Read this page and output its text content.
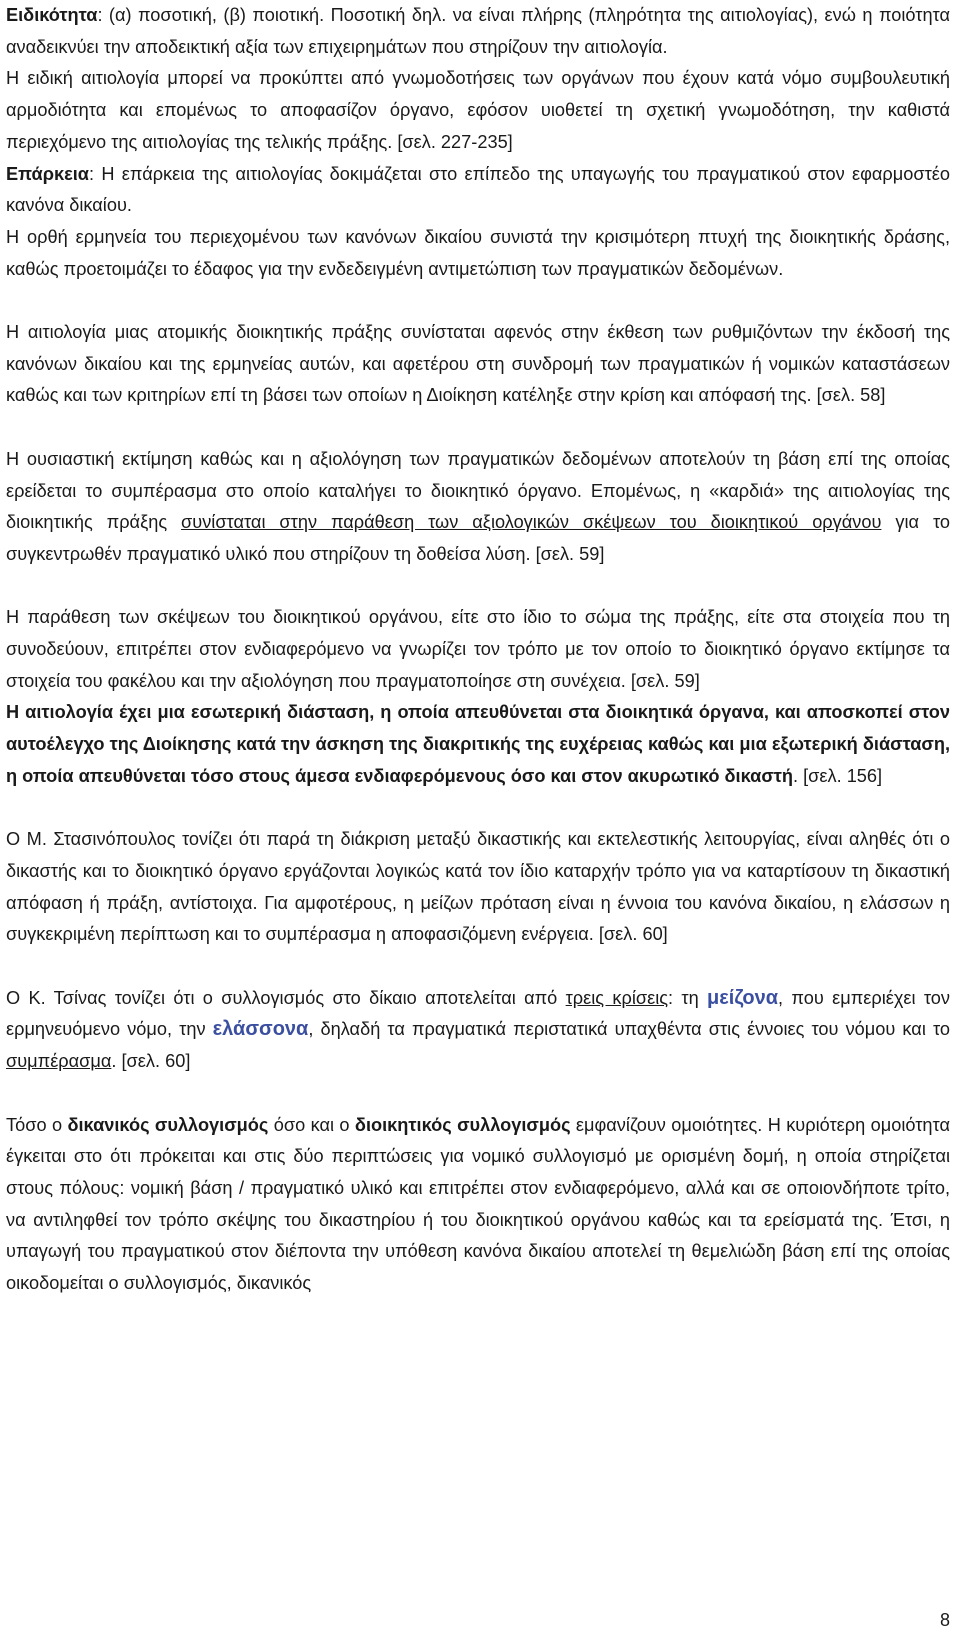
Ειδικότητα: (α) ποσοτική, (β) ποιοτική. Ποσοτική δηλ. να είναι πλήρης (πληρότητα της αιτιολογίας), ενώ η ποιότητα αναδεικνύει την αποδεικτική αξία των επιχειρημάτων που στηρίζουν την αιτιολογία.

Η ειδική αιτιολογία μπορεί να προκύπτει από γνωμοδοτήσεις των οργάνων που έχουν κατά νόμο συμβουλευτική αρμοδιότητα και επομένως το αποφασίζον όργανο, εφόσον υιοθετεί τη σχετική γνωμοδότηση, την καθιστά περιεχόμενο της αιτιολογίας της τελικής πράξης. [σελ. 227-235]

Επάρκεια: Η επάρκεια της αιτιολογίας δοκιμάζεται στο επίπεδο της υπαγωγής του πραγματικού στον εφαρμοστέο κανόνα δικαίου.

Η ορθή ερμηνεία του περιεχομένου των κανόνων δικαίου συνιστά την κρισιμότερη πτυχή της διοικητικής δράσης, καθώς προετοιμάζει το έδαφος για την ενδεδειγμένη αντιμετώπιση των πραγματικών δεδομένων.

Η αιτιολογία μιας ατομικής διοικητικής πράξης συνίσταται αφενός στην έκθεση των ρυθμιζόντων την έκδοσή της κανόνων δικαίου και της ερμηνείας αυτών, και αφετέρου στη συνδρομή των πραγματικών ή νομικών καταστάσεων καθώς και των κριτηρίων επί τη βάσει των οποίων η Διοίκηση κατέληξε στην κρίση και απόφασή της. [σελ. 58]

Η ουσιαστική εκτίμηση καθώς και η αξιολόγηση των πραγματικών δεδομένων αποτελούν τη βάση επί της οποίας ερείδεται το συμπέρασμα στο οποίο καταλήγει το διοικητικό όργανο. Επομένως, η «καρδιά» της αιτιολογίας της διοικητικής πράξης συνίσταται στην παράθεση των αξιολογικών σκέψεων του διοικητικού οργάνου για το συγκεντρωθέν πραγματικό υλικό που στηρίζουν τη δοθείσα λύση. [σελ. 59]

Η παράθεση των σκέψεων του διοικητικού οργάνου, είτε στο ίδιο το σώμα της πράξης, είτε στα στοιχεία που τη συνοδεύουν, επιτρέπει στον ενδιαφερόμενο να γνωρίζει τον τρόπο με τον οποίο το διοικητικό όργανο εκτίμησε τα στοιχεία του φακέλου και την αξιολόγηση που πραγματοποίησε στη συνέχεια. [σελ. 59]

Η αιτιολογία έχει μια εσωτερική διάσταση, η οποία απευθύνεται στα διοικητικά όργανα, και αποσκοπεί στον αυτοέλεγχο της Διοίκησης κατά την άσκηση της διακριτικής της ευχέρειας καθώς και μια εξωτερική διάσταση, η οποία απευθύνεται τόσο στους άμεσα ενδιαφερόμενους όσο και στον ακυρωτικό δικαστή. [σελ. 156]

Ο Μ. Στασινόπουλος τονίζει ότι παρά τη διάκριση μεταξύ δικαστικής και εκτελεστικής λειτουργίας, είναι αληθές ότι ο δικαστής και το διοικητικό όργανο εργάζονται λογικώς κατά τον ίδιο καταρχήν τρόπο για να καταρτίσουν τη δικαστική απόφαση ή πράξη, αντίστοιχα. Για αμφοτέρους, η μείζων πρόταση είναι η έννοια του κανόνα δικαίου, η ελάσσων η συγκεκριμένη περίπτωση και το συμπέρασμα η αποφασιζόμενη ενέργεια. [σελ. 60]

Ο Κ. Τσίνας τονίζει ότι ο συλλογισμός στο δίκαιο αποτελείται από τρεις κρίσεις: τη μείζονα, που εμπεριέχει τον ερμηνευόμενο νόμο, την ελάσσονα, δηλαδή τα πραγματικά περιστατικά υπαχθέντα στις έννοιες του νόμου και το συμπέρασμα. [σελ. 60]

Τόσο ο δικανικός συλλογισμός όσο και ο διοικητικός συλλογισμός εμφανίζουν ομοιότητες. Η κυριότερη ομοιότητα έγκειται στο ότι πρόκειται και στις δύο περιπτώσεις για νομικό συλλογισμό με ορισμένη δομή, η οποία στηρίζεται στους πόλους: νομική βάση / πραγματικό υλικό και επιτρέπει στον ενδιαφερόμενο, αλλά και σε οποιονδήποτε τρίτο, να αντιληφθεί τον τρόπο σκέψης του δικαστηρίου ή του διοικητικού οργάνου καθώς και τα ερείσματά της. Έτσι, η υπαγωγή του πραγματικού στον διέποντα την υπόθεση κανόνα δικαίου αποτελεί τη θεμελιώδη βάση επί της οποίας οικοδομείται ο συλλογισμός, δικανικός

8
